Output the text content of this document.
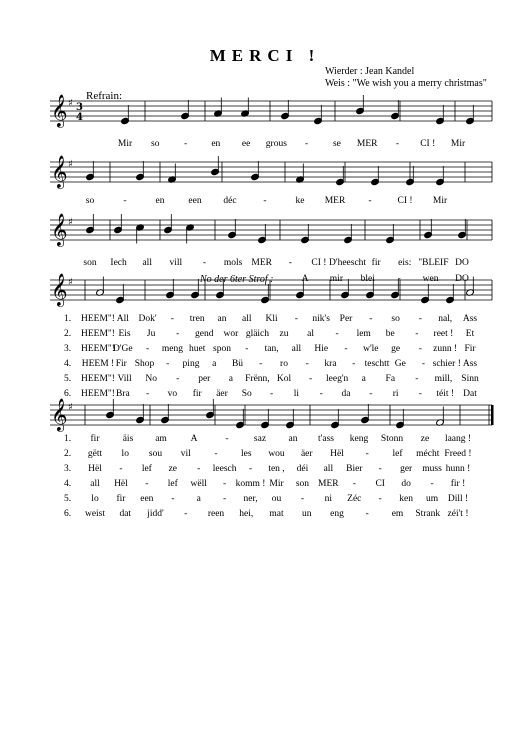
MERCI !
Wierder : Jean Kandel
Weis : "We wish you a merry christmas"
Refrain:
No der 6ter Strof :
𝄞 ♯ 3
4
𝄞 ♯
𝄞 ♯
𝄞 ♯
𝄞 ♯
Mir so	-	en ee grous -	se MER - CI ! Mir
so	-	en	een déc	-	ke MER -	CI ! Mir
son Iech all vill - mols MER - CI ! D'heescht fir eis: "BLEIF DO
A mir blei - wen DO
1.
1.
HEEM"! All Dok' - tren an all Kli - nik's Per - so - nal, Ass
fir äis am	A	-	saz an t'ass keng Stonn ze laang !
2.
2.
HEEM"! Eis Ju - gend wor gläich zu al - lem be - reet ! Et
gëtt lo sou vil - les wou äer Hël - lef mécht Freed !
3.
3.
HEEM"!
D'Ge - meng huet spon - tan, all Hie - w'le ge - zunn ! Fir
Hël - lef ze - leesch - ten , déi all Bier - ger muss hunn !
4.
4.
HEEM ! Fir Shop - ping a Bü - ro - kra - teschtt Ge - schier ! Ass
all Hël - lef wëll - komm ! Mir son MER - CI do - fir !
5.
5.
HEEM"! Vill No - per a Frënn, Kol - leeg'n a Fa - mill, Sinn
lo fir een - a - ner, ou - ni Zéc - ken um Dill !
6.
6.
HEEM"! Bra - vo fir äer So - li - da - ri - téit ! Dat
weist dat jidd' - reen hei, mat un eng - em Strank zéi't !
